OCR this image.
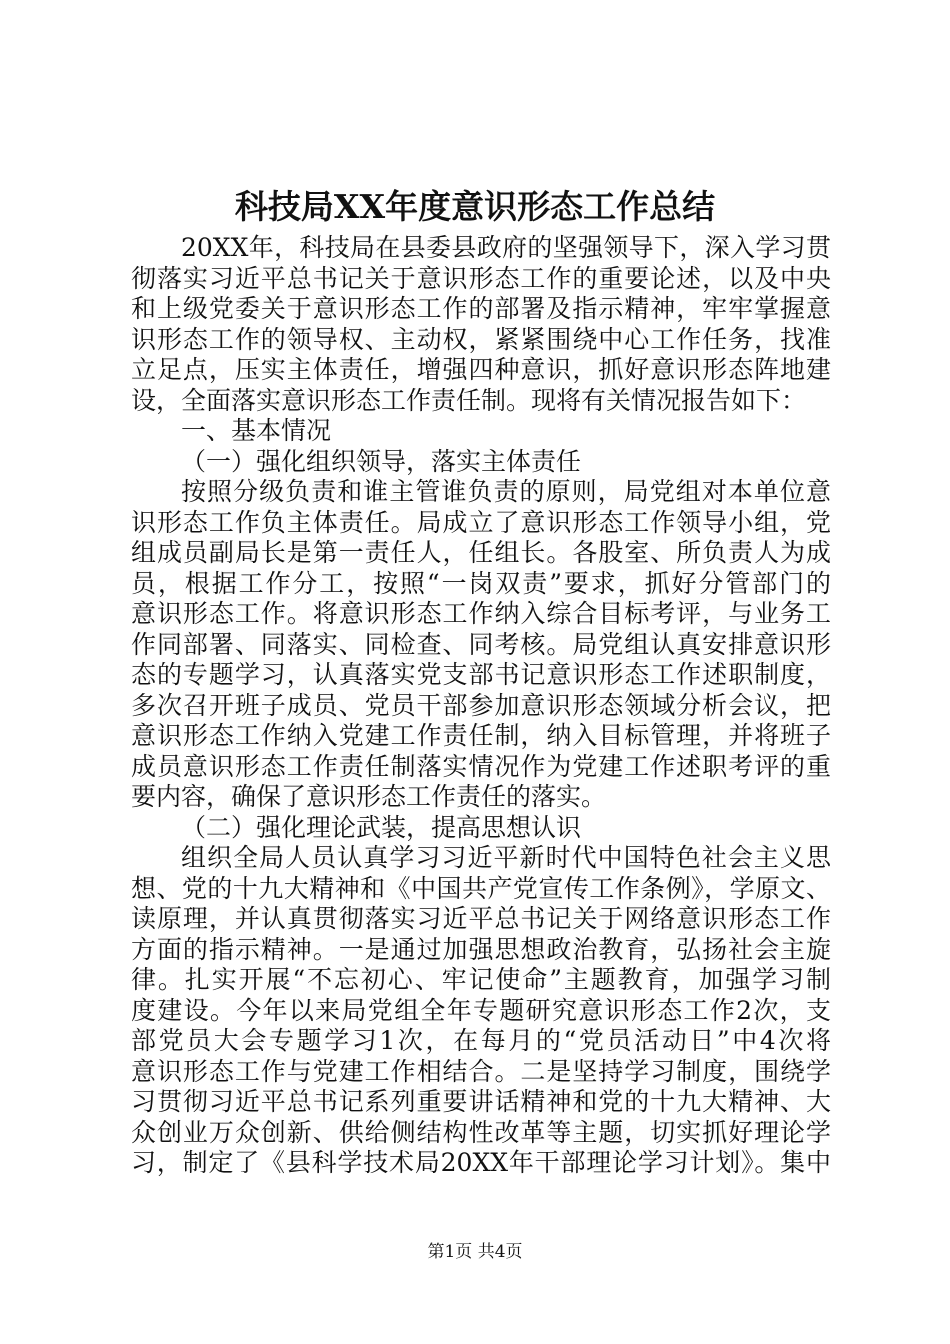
科技局XX年度意识形态工作总结
20XX年，科技局在县委县政府的坚强领导下，深入学习贯
彻落实习近平总书记关于意识形态工作的重要论述，以及中央
和上级党委关于意识形态工作的部署及指示精神，牢牢掌握意
识形态工作的领导权、主动权，紧紧围绕中心工作任务，找准
立足点，压实主体责任，增强四种意识，抓好意识形态阵地建
设，全面落实意识形态工作责任制。现将有关情况报告如下：
一、基本情况
（一）强化组织领导，落实主体责任
按照分级负责和谁主管谁负责的原则，局党组对本单位意
识形态工作负主体责任。局成立了意识形态工作领导小组，党
组成员副局长是第一责任人，任组长。各股室、所负责人为成
员，根据工作分工，按照“一岗双责”要求，抓好分管部门的
意识形态工作。将意识形态工作纳入综合目标考评，与业务工
作同部署、同落实、同检查、同考核。局党组认真安排意识形
态的专题学习，认真落实党支部书记意识形态工作述职制度，
多次召开班子成员、党员干部参加意识形态领域分析会议，把
意识形态工作纳入党建工作责任制，纳入目标管理，并将班子
成员意识形态工作责任制落实情况作为党建工作述职考评的重
要内容，确保了意识形态工作责任的落实。
（二）强化理论武装，提高思想认识
组织全局人员认真学习习近平新时代中国特色社会主义思
想、党的十九大精神和《中国共产党宣传工作条例》，学原文、
读原理，并认真贯彻落实习近平总书记关于网络意识形态工作
方面的指示精神。一是通过加强思想政治教育，弘扬社会主旋
律。扎实开展“不忘初心、牢记使命”主题教育，加强学习制
度建设。今年以来局党组全年专题研究意识形态工作2次，支
部党员大会专题学习1次，在每月的“党员活动日”中4次将
意识形态工作与党建工作相结合。二是坚持学习制度，围绕学
习贯彻习近平总书记系列重要讲话精神和党的十九大精神、大
众创业万众创新、供给侧结构性改革等主题，切实抓好理论学
习，制定了《县科学技术局20XX年干部理论学习计划》。集中
第1页 共4页
